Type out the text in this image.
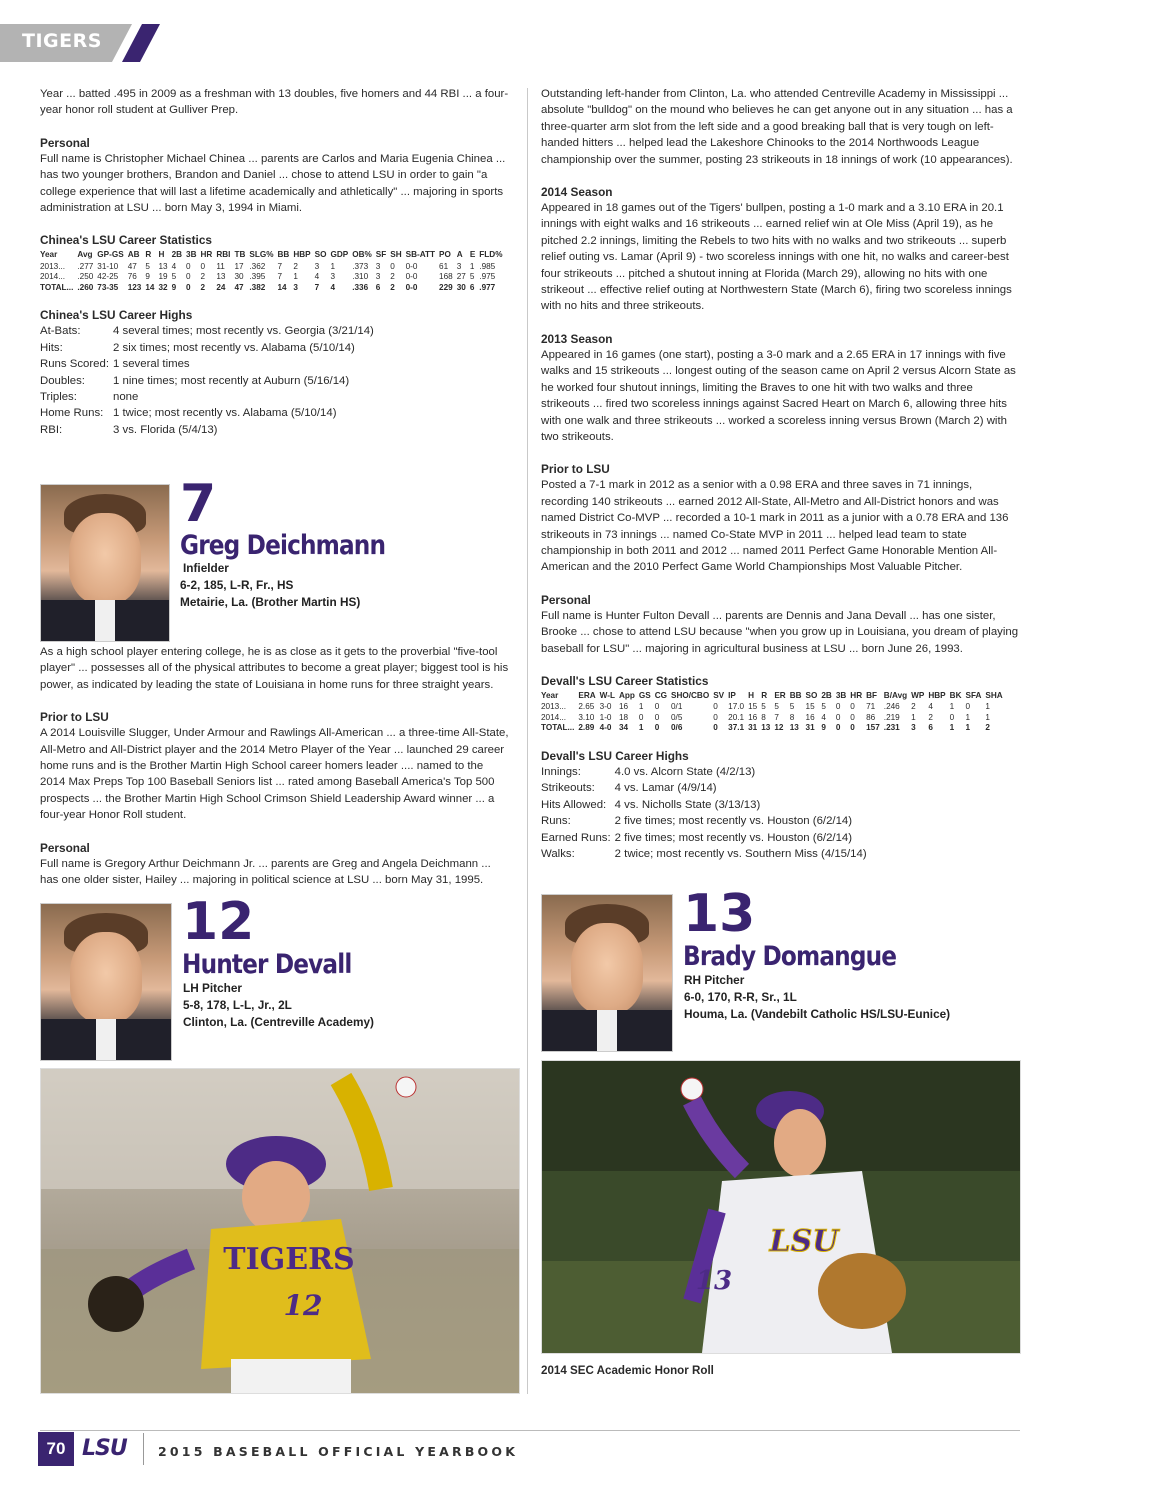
TIGERS

Year ... batted .495 in 2009 as a freshman with 13 doubles, five homers and 44 RBI ... a four-year honor roll student at Gulliver Prep.

Personal

Full name is Christopher Michael Chinea ... parents are Carlos and Maria Eugenia Chinea ... has two younger brothers, Brandon and Daniel ... chose to attend LSU in order to gain "a college experience that will last a lifetime academically and athletically" ... majoring in sports administration at LSU ... born May 3, 1994 in Miami.

Chinea's LSU Career Statistics
Year	Avg	GP-GS	AB	R	H	2B	3B	HR	RBI	TB	SLG%	BB	HBP	SO	GDP	OB%	SF	SH	SB-ATT	PO	A	E	FLD%
2013...	.277	31-10	47	5	13	4	0	0	11	17	.362	7	2	3	1	.373	3	0	0-0	61	3	1	.985
2014...	.250	42-25	76	9	19	5	0	2	13	30	.395	7	1	4	3	.310	3	2	0-0	168	27	5	.975
TOTAL...	.260	73-35	123	14	32	9	0	2	24	47	.382	14	3	7	4	.336	6	2	0-0	229	30	6	.977
Chinea's LSU Career Highs
At-Bats:	4 several times; most recently vs. Georgia (3/21/14)
Hits:	2 six times; most recently vs. Alabama (5/10/14)
Runs Scored:	1 several times
Doubles:	1 nine times; most recently at Auburn (5/16/14)
Triples:	none
Home Runs:	1 twice; most recently vs. Alabama (5/10/14)
RBI:	3 vs. Florida (5/4/13)
7
Greg Deichmann
Infielder
6-2, 185, L-R, Fr., HS
Metairie, La. (Brother Martin HS)

As a high school player entering college, he is as close as it gets to the proverbial "five-tool player" ... possesses all of the physical attributes to become a great player; biggest tool is his power, as indicated by leading the state of Louisiana in home runs for three straight years.

Prior to LSU

A 2014 Louisville Slugger, Under Armour and Rawlings All-American ... a three-time All-State, All-Metro and All-District player and the 2014 Metro Player of the Year ... launched 29 career home runs and is the Brother Martin High School career homers leader .... named to the 2014 Max Preps Top 100 Baseball Seniors list ... rated among Baseball America's Top 500 prospects ... the Brother Martin High School Crimson Shield Leadership Award winner ... a four-year Honor Roll student.

Personal

Full name is Gregory Arthur Deichmann Jr. ... parents are Greg and Angela Deichmann ... has one older sister, Hailey ... majoring in political science at LSU ... born May 31, 1995.

12
Hunter Devall
LH Pitcher
5-8, 178, L-L, Jr., 2L
Clinton, La. (Centreville Academy)
TIGERS
12

Outstanding left-hander from Clinton, La. who attended Centreville Academy in Mississippi ... absolute "bulldog" on the mound who believes he can get anyone out in any situation ... has a three-quarter arm slot from the left side and a good breaking ball that is very tough on left-handed hitters ... helped lead the Lakeshore Chinooks to the 2014 Northwoods League championship over the summer, posting 23 strikeouts in 18 innings of work (10 appearances).

2014 Season

Appeared in 18 games out of the Tigers' bullpen, posting a 1-0 mark and a 3.10 ERA in 20.1 innings with eight walks and 16 strikeouts ... earned relief win at Ole Miss (April 19), as he pitched 2.2 innings, limiting the Rebels to two hits with no walks and two strikeouts ... superb relief outing vs. Lamar (April 9) - two scoreless innings with one hit, no walks and career-best four strikeouts ... pitched a shutout inning at Florida (March 29), allowing no hits with one strikeout ... effective relief outing at Northwestern State (March 6), firing two scoreless innings with no hits and three strikeouts.

2013 Season

Appeared in 16 games (one start), posting a 3-0 mark and a 2.65 ERA in 17 innings with five walks and 15 strikeouts ... longest outing of the season came on April 2 versus Alcorn State as he worked four shutout innings, limiting the Braves to one hit with two walks and three strikeouts ... fired two scoreless innings against Sacred Heart on March 6, allowing three hits with one walk and three strikeouts ... worked a scoreless inning versus Brown (March 2) with two strikeouts.

Prior to LSU

Posted a 7-1 mark in 2012 as a senior with a 0.98 ERA and three saves in 71 innings, recording 140 strikeouts ... earned 2012 All-State, All-Metro and All-District honors and was named District Co-MVP ... recorded a 10-1 mark in 2011 as a junior with a 0.78 ERA and 136 strikeouts in 73 innings ... named Co-State MVP in 2011 ... helped lead team to state championship in both 2011 and 2012 ... named 2011 Perfect Game Honorable Mention All-American and the 2010 Perfect Game World Championships Most Valuable Pitcher.

Personal

Full name is Hunter Fulton Devall ... parents are Dennis and Jana Devall ... has one sister, Brooke ... chose to attend LSU because "when you grow up in Louisiana, you dream of playing baseball for LSU" ... majoring in agricultural business at LSU ... born June 26, 1993.

Devall's LSU Career Statistics
Year	ERA	W-L	App	GS	CG	SHO/CBO	SV	IP	H	R	ER	BB	SO	2B	3B	HR	BF	B/Avg	WP	HBP	BK	SFA	SHA
2013...	2.65	3-0	16	1	0	0/1	0	17.0	15	5	5	5	15	5	0	0	71	.246	2	4	1	0	1
2014...	3.10	1-0	18	0	0	0/5	0	20.1	16	8	7	8	16	4	0	0	86	.219	1	2	0	1	1
TOTAL...	2.89	4-0	34	1	0	0/6	0	37.1	31	13	12	13	31	9	0	0	157	.231	3	6	1	1	2
Devall's LSU Career Highs
Innings:	4.0 vs. Alcorn State (4/2/13)
Strikeouts:	4 vs. Lamar (4/9/14)
Hits Allowed:	4 vs. Nicholls State (3/13/13)
Runs:	2 five times; most recently vs. Houston (6/2/14)
Earned Runs:	2 five times; most recently vs. Houston (6/2/14)
Walks:	2 twice; most recently vs. Southern Miss (4/15/14)
13
Brady Domangue
RH Pitcher
6-0, 170, R-R, Sr., 1L
Houma, La. (Vandebilt Catholic HS/LSU-Eunice)
LSU
13
2014 SEC Academic Honor Roll
70 LSU	2015 BASEBALL OFFICIAL YEARBOOK
